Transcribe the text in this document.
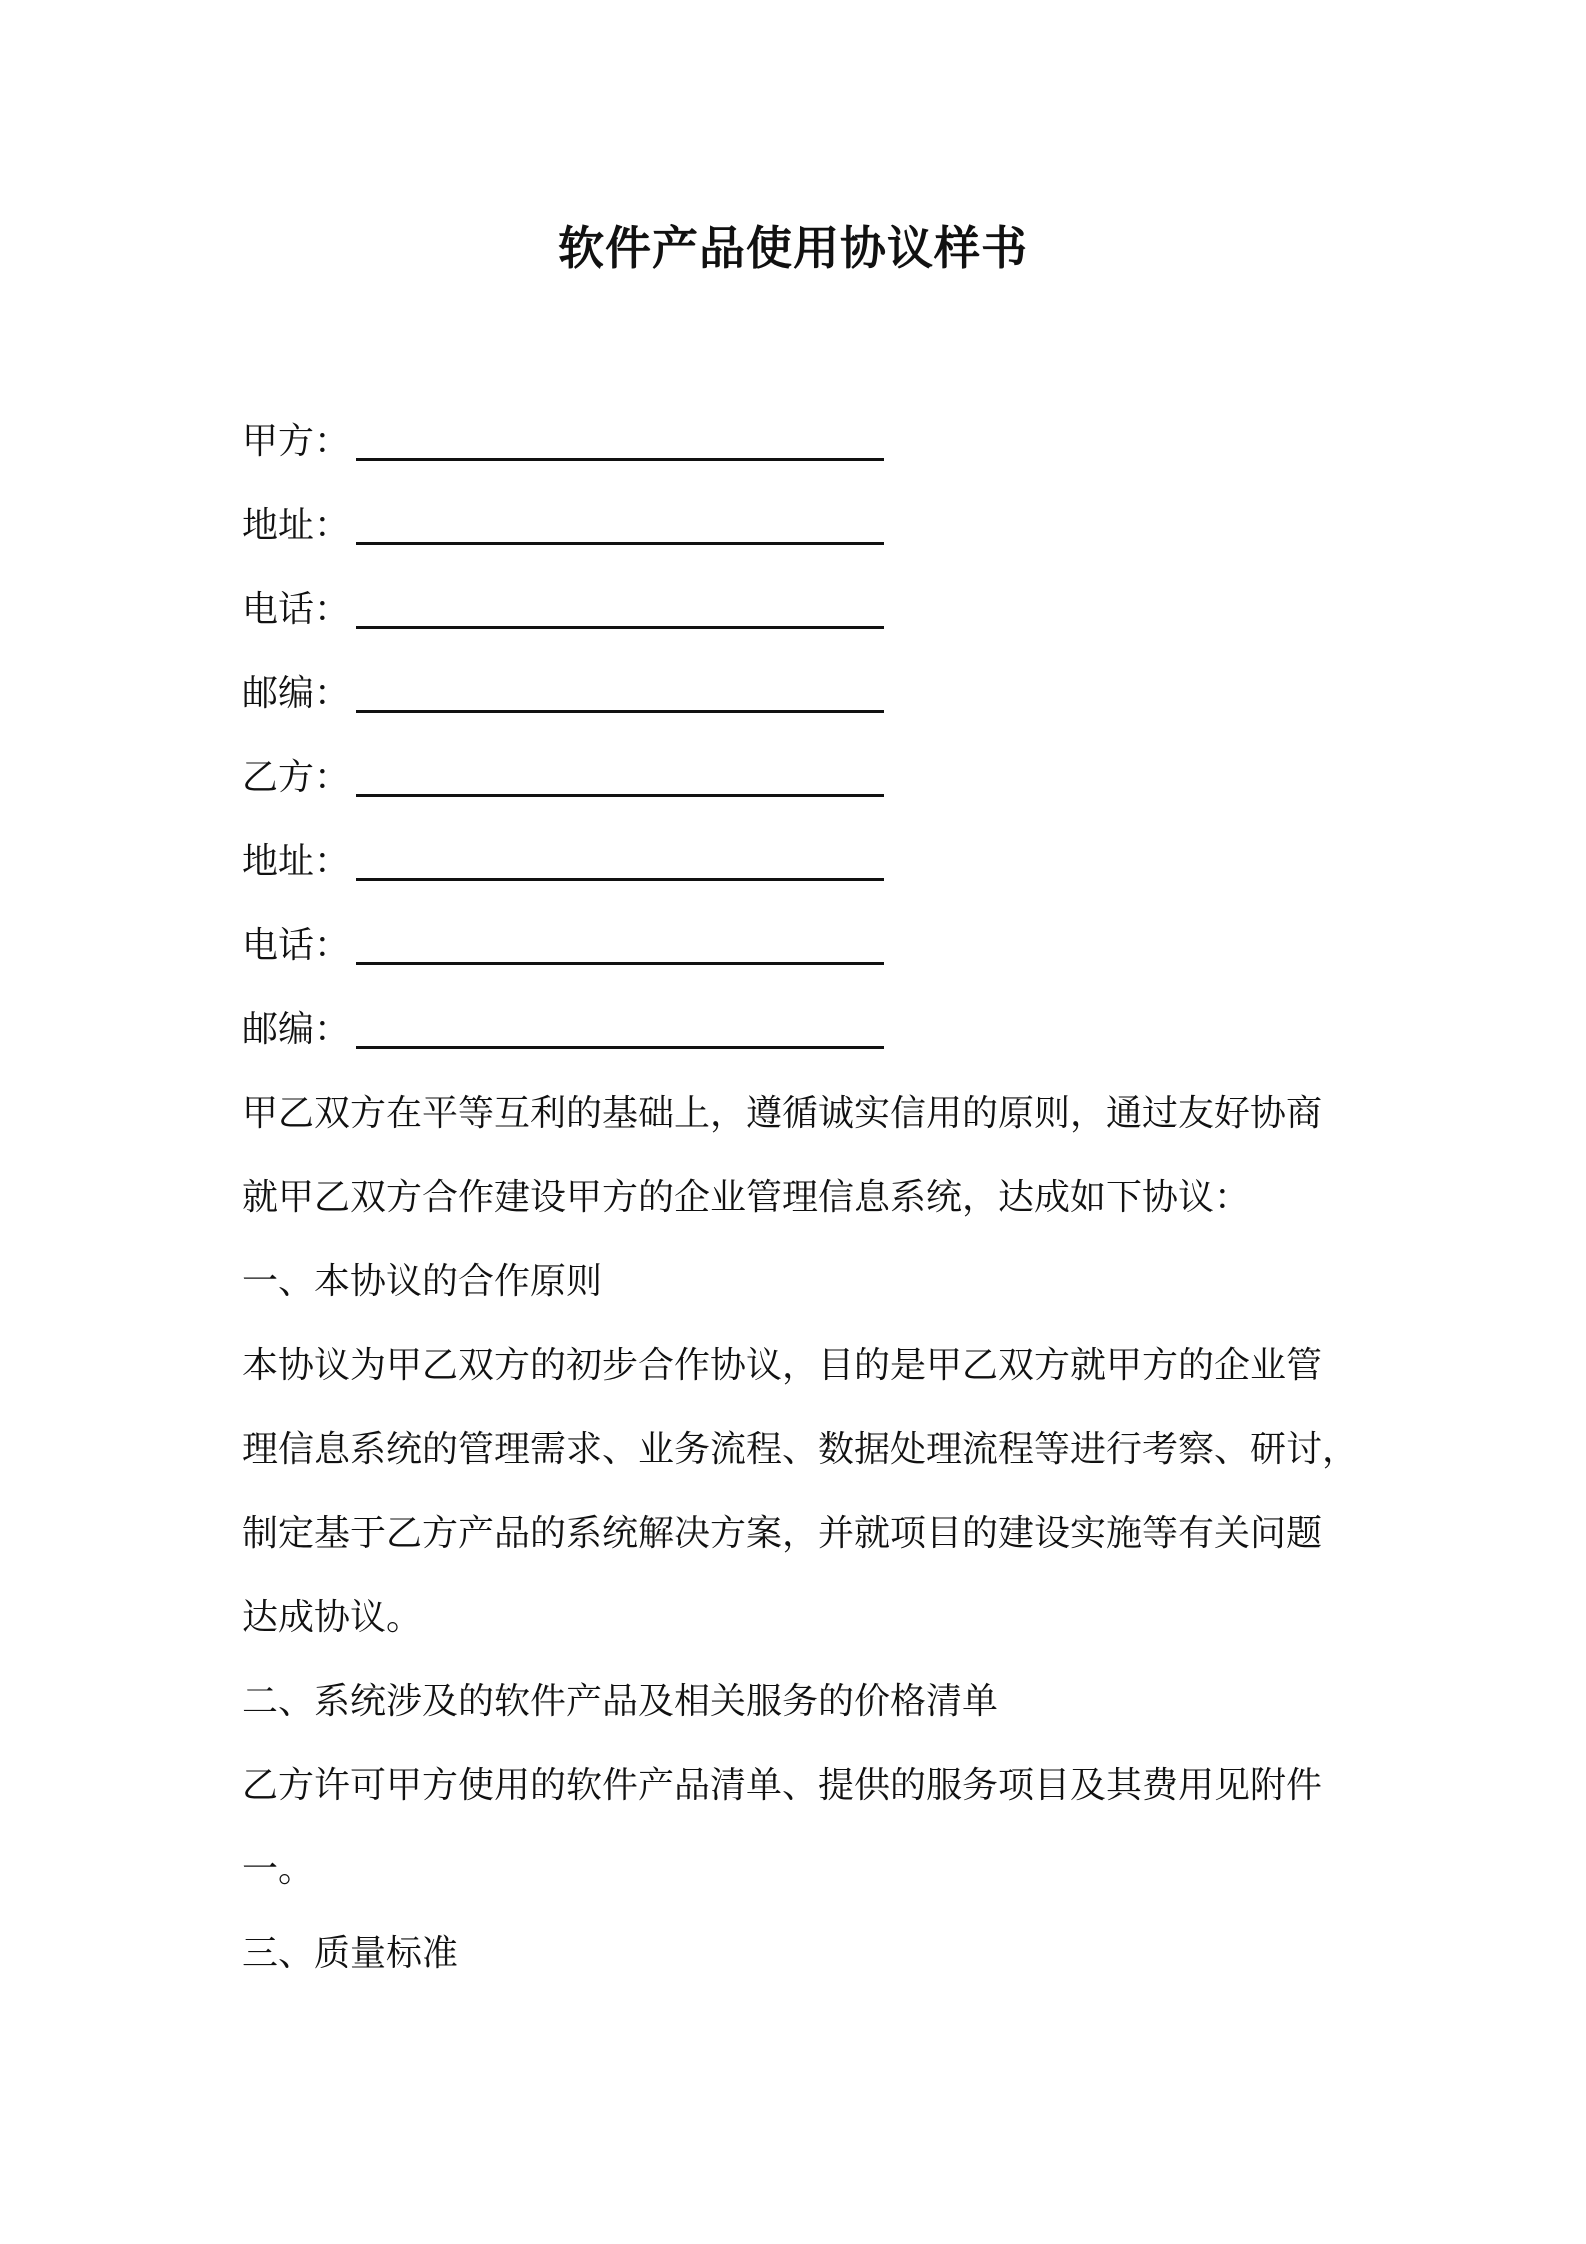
软件产品使用协议样书
甲方：
地址：
电话：
邮编：
乙方：
地址：
电话：
邮编：
甲乙双方在平等互利的基础上，遵循诚实信用的原则，通过友好协商
就甲乙双方合作建设甲方的企业管理信息系统，达成如下协议：
一、本协议的合作原则
本协议为甲乙双方的初步合作协议，目的是甲乙双方就甲方的企业管
理信息系统的管理需求、业务流程、数据处理流程等进行考察、研讨，
制定基于乙方产品的系统解决方案，并就项目的建设实施等有关问题
达成协议。
二、系统涉及的软件产品及相关服务的价格清单
乙方许可甲方使用的软件产品清单、提供的服务项目及其费用见附件
一。
三、质量标准
